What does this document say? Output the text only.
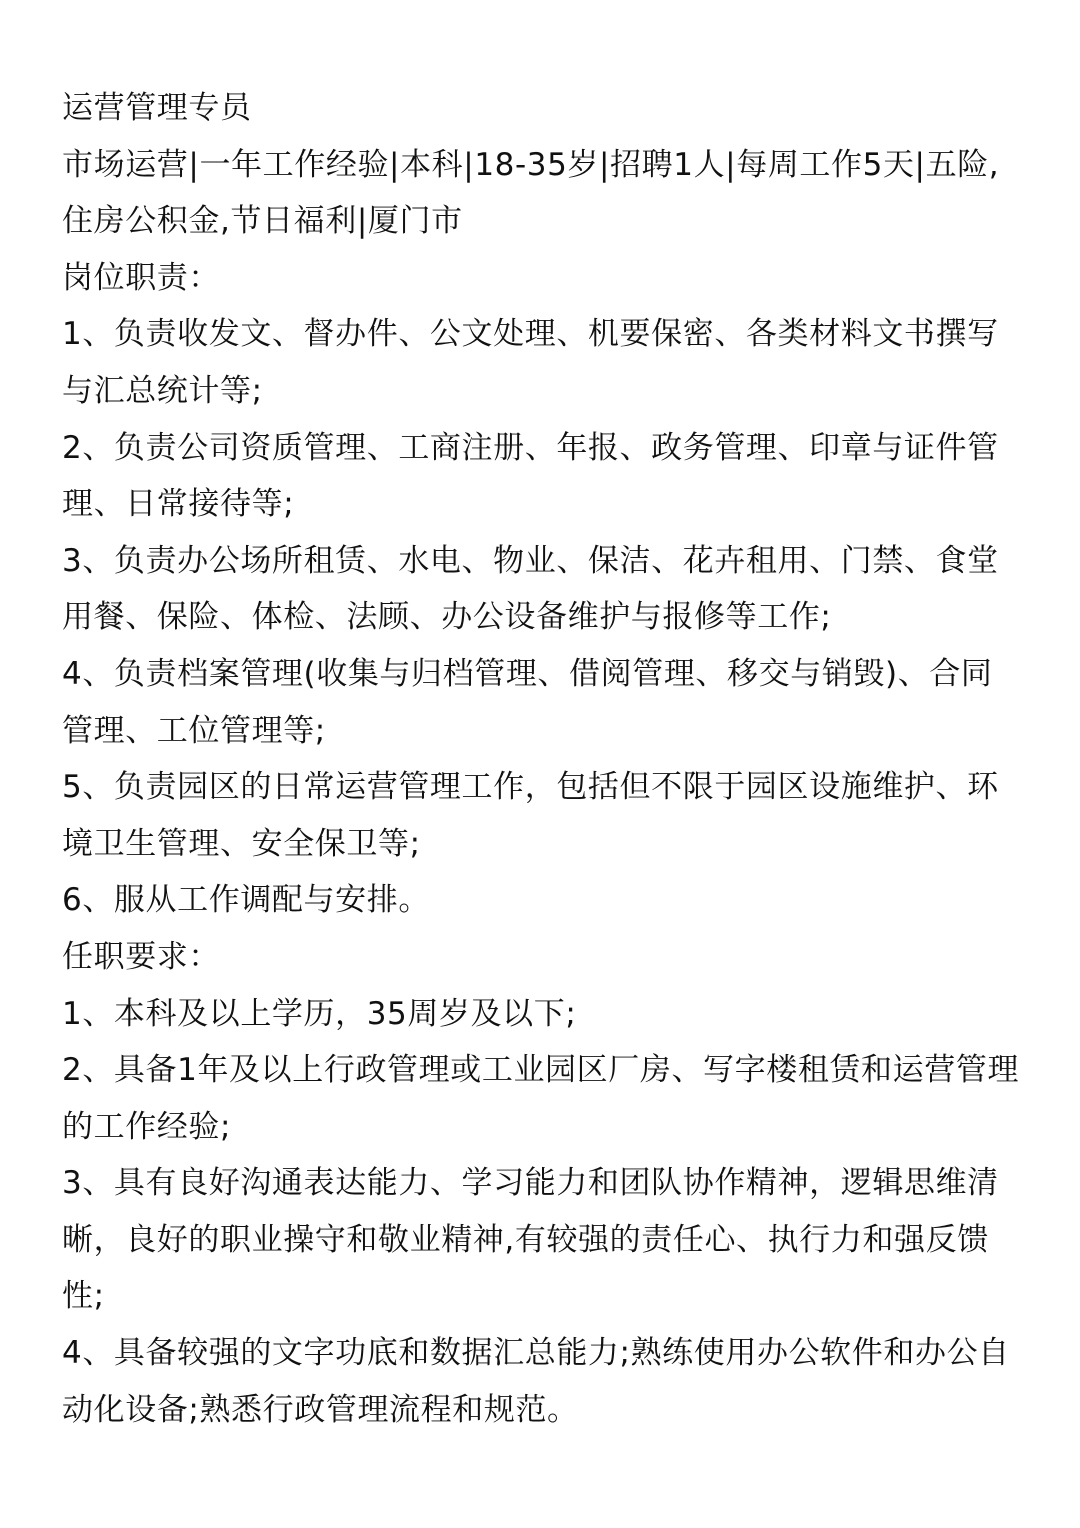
运营管理专员

市场运营|一年工作经验|本科|18-35岁|招聘1人|每周工作5天|五险,住房公积金,节日福利|厦门市

岗位职责：

1、负责收发文、督办件、公文处理、机要保密、各类材料文书撰写与汇总统计等;

2、负责公司资质管理、工商注册、年报、政务管理、印章与证件管理、日常接待等;

3、负责办公场所租赁、水电、物业、保洁、花卉租用、门禁、食堂用餐、保险、体检、法顾、办公设备维护与报修等工作;

4、负责档案管理(收集与归档管理、借阅管理、移交与销毁)、合同管理、工位管理等;

5、负责园区的日常运营管理工作，包括但不限于园区设施维护、环境卫生管理、安全保卫等;

6、服从工作调配与安排。

任职要求：

1、本科及以上学历，35周岁及以下;

2、具备1年及以上行政管理或工业园区厂房、写字楼租赁和运营管理的工作经验;

3、具有良好沟通表达能力、学习能力和团队协作精神，逻辑思维清晰，良好的职业操守和敬业精神,有较强的责任心、执行力和强反馈性;

4、具备较强的文字功底和数据汇总能力;熟练使用办公软件和办公自动化设备;熟悉行政管理流程和规范。
